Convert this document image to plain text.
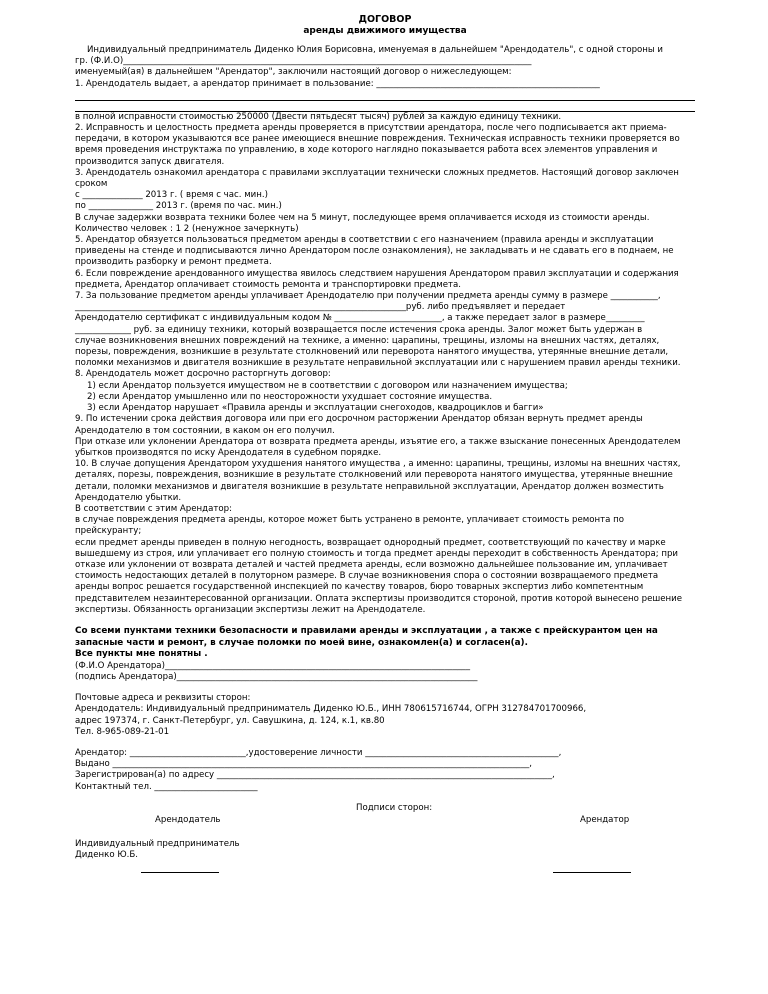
ДОГОВОР
аренды движимого имущества

Индивидуальный предприниматель Диденко Юлия Борисовна, именуемая в дальнейшем "Арендодатель", с одной стороны и

гр. (Ф.И.О)_______________________________________________________________________________________________

именуемый(ая) в дальнейшем "Арендатор", заключили настоящий договор о нижеследующем:

1. Арендодатель выдает, а арендатор принимает в пользование: ____________________________________________________

в полной исправности стоимостью 250000 (Двести пятьдесят тысяч) рублей за каждую единицу техники.

2. Исправность и целостность предмета аренды проверяется в присутствии арендатора, после чего подписывается акт приема-

передачи, в котором указываются все ранее имеющиеся внешние повреждения. Техническая исправность техники проверяется во

время проведения инструктажа по управлению, в ходе которого наглядно показывается работа всех элементов управления и

производится запуск двигателя.

3. Арендодатель ознакомил арендатора с правилами эксплуатации технически сложных предметов. Настоящий договор заключен

сроком

с ______________ 2013 г. ( время с час. мин.)

по _______________ 2013 г. (время по час. мин.)

В случае задержки возврата техники более чем на 5 минут, последующее время оплачивается исходя из стоимости аренды.

Количество человек : 1 2 (ненужное зачеркнуть)

5. Арендатор обязуется пользоваться предметом аренды в соответствии с его назначением (правила аренды и эксплуатации

приведены на стенде и подписываются лично Арендатором после ознакомления), не закладывать и не сдавать его в поднаем, не

производить разборку и ремонт предмета.

6. Если повреждение арендованного имущества явилось следствием нарушения Арендатором правил эксплуатации и содержания

предмета, Арендатор оплачивает стоимость ремонта и транспортировки предмета.

7. За пользование предметом аренды уплачивает Арендодателю при получении предмета аренды сумму в размере ___________,

_____________________________________________________________________________руб. либо предъявляет и передает

Арендодателю сертификат с индивидуальным кодом № _________________________, а также передает залог в размере_________

_____________ руб. за единицу техники, который возвращается после истечения срока аренды. Залог может быть удержан в

случае возникновения внешних повреждений на технике, а именно: царапины, трещины, изломы на внешних частях, деталях,

порезы, повреждения, возникшие в результате столкновений или переворота нанятого имущества, утерянные внешние детали,

поломки механизмов и двигателя возникшие в результате неправильной эксплуатации или с нарушением правил аренды техники.

8. Арендодатель может досрочно расторгнуть договор:

1) если Арендатор пользуется имуществом не в соответствии с договором или назначением имущества;

2) если Арендатор умышленно или по неосторожности ухудшает состояние имущества.

3) если Арендатор нарушает «Правила аренды и эксплуатации снегоходов, квадроциклов и багги»

9. По истечении срока действия договора или при его досрочном расторжении Арендатор обязан вернуть предмет аренды

Арендодателю в том состоянии, в каком он его получил.

При отказе или уклонении Арендатора от возврата предмета аренды, изъятие его, а также взыскание понесенных Арендодателем

убытков производятся по иску Арендодателя в судебном порядке.

10. В случае допущения Арендатором ухудшения нанятого имущества , а именно: царапины, трещины, изломы на внешних частях,

деталях, порезы, повреждения, возникшие в результате столкновений или переворота нанятого имущества, утерянные внешние

детали, поломки механизмов и двигателя возникшие в результате неправильной эксплуатации, Арендатор должен возместить

Арендодателю убытки.

В соответствии с этим Арендатор:

в случае повреждения предмета аренды, которое может быть устранено в ремонте, уплачивает стоимость ремонта по

прейскуранту;

если предмет аренды приведен в полную негодность, возвращает однородный предмет, соответствующий по качеству и марке

вышедшему из строя, или уплачивает его полную стоимость и тогда предмет аренды переходит в собственность Арендатора; при

отказе или уклонении от возврата деталей и частей предмета аренды, если возможно дальнейшее пользование им, уплачивает

стоимость недостающих деталей в полуторном размере. В случае возникновения спора о состоянии возвращаемого предмета

аренды вопрос решается государственной инспекцией по качеству товаров, бюро товарных экспертиз либо компетентным

представителем незаинтересованной организации. Оплата экспертизы производится стороной, против которой вынесено решение

экспертизы. Обязанность организации экспертизы лежит на Арендодателе.

Со всеми пунктами техники безопасности и правилами аренды и эксплуатации , а также с прейскурантом цен на

запасные части и ремонт, в случае поломки по моей вине, ознакомлен(а) и согласен(а).

Все пункты мне понятны .

(Ф.И.О Арендатора)_______________________________________________________________________

(подпись Арендатора)______________________________________________________________________

Почтовые адреса и реквизиты сторон:

Арендодатель: Индивидуальный предприниматель Диденко Ю.Б., ИНН 780615716744, ОГРН 312784701700966,

адрес 197374, г. Санкт-Петербург, ул. Савушкина, д. 124, к.1, кв.80

Тел. 8-965-089-21-01

Арендатор: ___________________________,удостоверение личности _____________________________________________,

Выдано _________________________________________________________________________________________________,

Зарегистрирован(а) по адресу ______________________________________________________________________________,

Контактный тел. ________________________

Подписи сторон:
Арендодатель	Арендатор
Индивидуальный предприниматель
Диденко Ю.Б.
